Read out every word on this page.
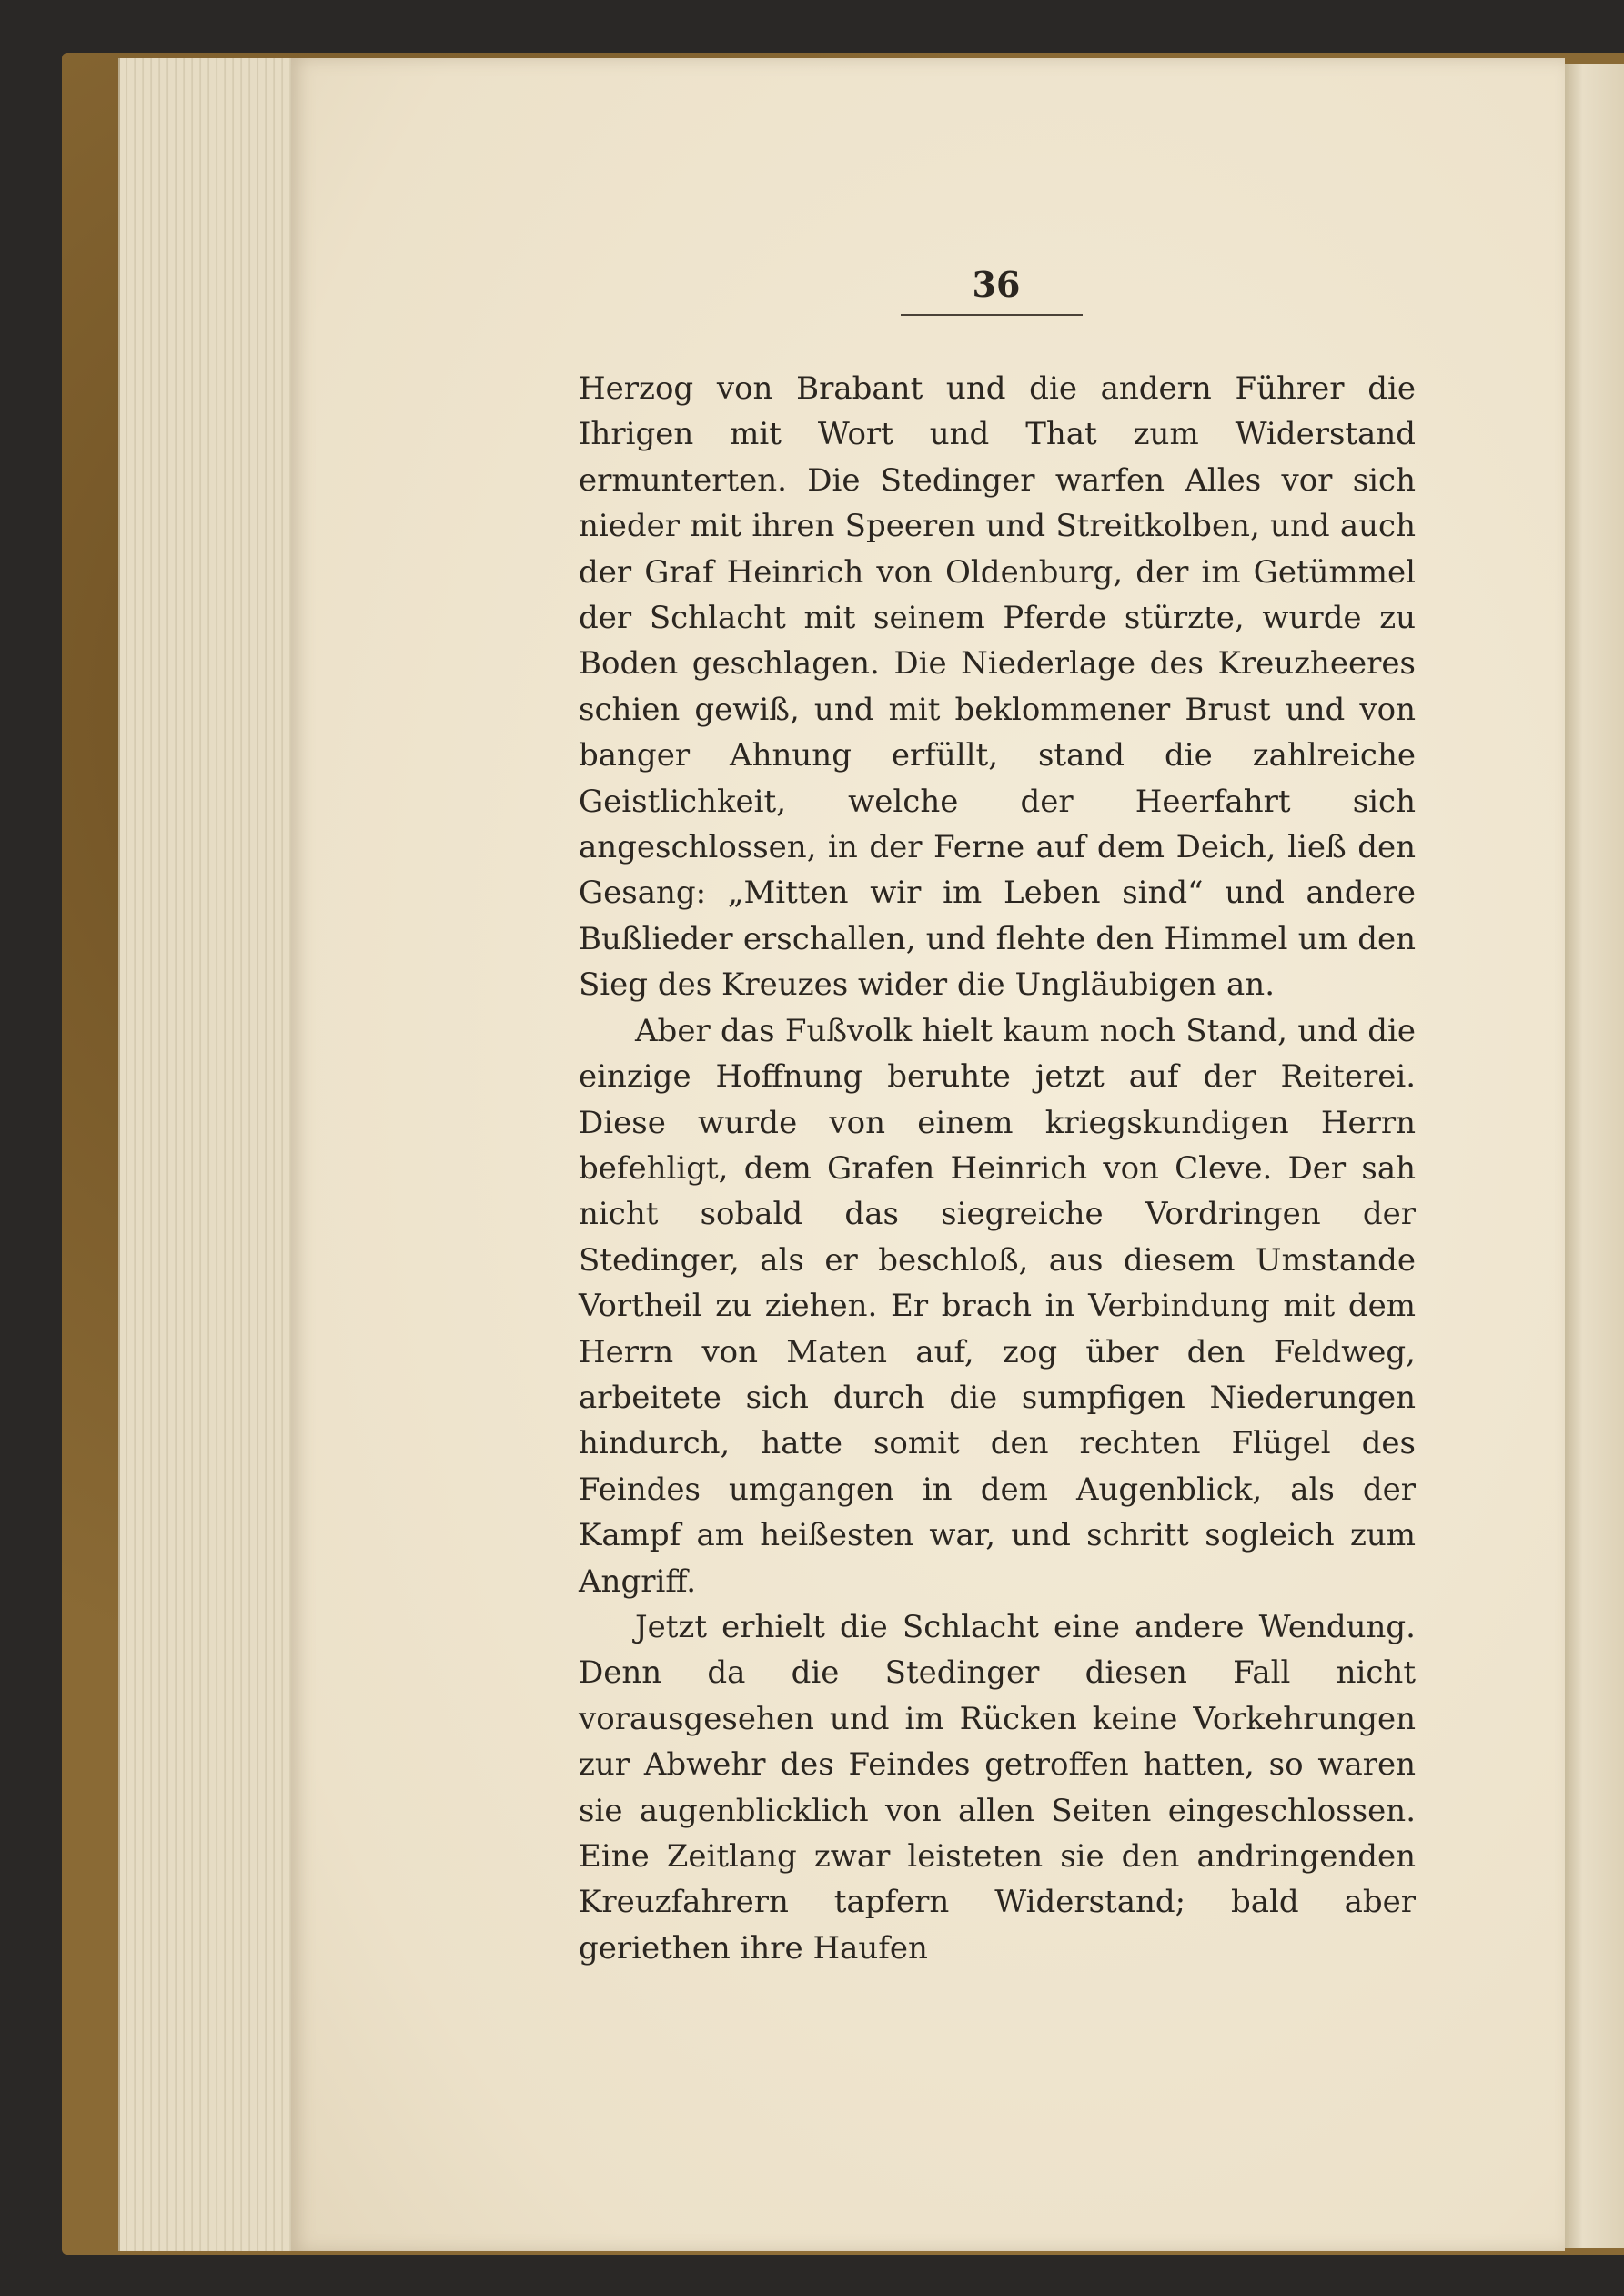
36

Herzog von Brabant und die andern Führer die Ihrigen mit Wort und That zum Widerstand ermunterten. Die Stedinger warfen Alles vor sich nieder mit ihren Speeren und Streitkolben, und auch der Graf Heinrich von Oldenburg, der im Getümmel der Schlacht mit seinem Pferde stürzte, wurde zu Boden geschlagen. Die Niederlage des Kreuzheeres schien gewiß, und mit beklommener Brust und von banger Ahnung erfüllt, stand die zahlreiche Geistlichkeit, welche der Heerfahrt sich angeschlossen, in der Ferne auf dem Deich, ließ den Gesang: „Mitten wir im Leben sind“ und andere Bußlieder erschallen, und flehte den Himmel um den Sieg des Kreuzes wider die Ungläubigen an.

Aber das Fußvolk hielt kaum noch Stand, und die einzige Hoffnung beruhte jetzt auf der Reiterei. Diese wurde von einem kriegskundigen Herrn befehligt, dem Grafen Heinrich von Cleve. Der sah nicht sobald das siegreiche Vordringen der Stedinger, als er beschloß, aus diesem Umstande Vortheil zu ziehen. Er brach in Verbindung mit dem Herrn von Maten auf, zog über den Feldweg, arbeitete sich durch die sumpfigen Niederungen hindurch, hatte somit den rechten Flügel des Feindes umgangen in dem Augenblick, als der Kampf am heißesten war, und schritt sogleich zum Angriff.

Jetzt erhielt die Schlacht eine andere Wendung. Denn da die Stedinger diesen Fall nicht vorausgesehen und im Rücken keine Vorkehrungen zur Abwehr des Feindes getroffen hatten, so waren sie augenblicklich von allen Seiten eingeschlossen. Eine Zeitlang zwar leisteten sie den andringenden Kreuzfahrern tapfern Widerstand; bald aber geriethen ihre Haufen
